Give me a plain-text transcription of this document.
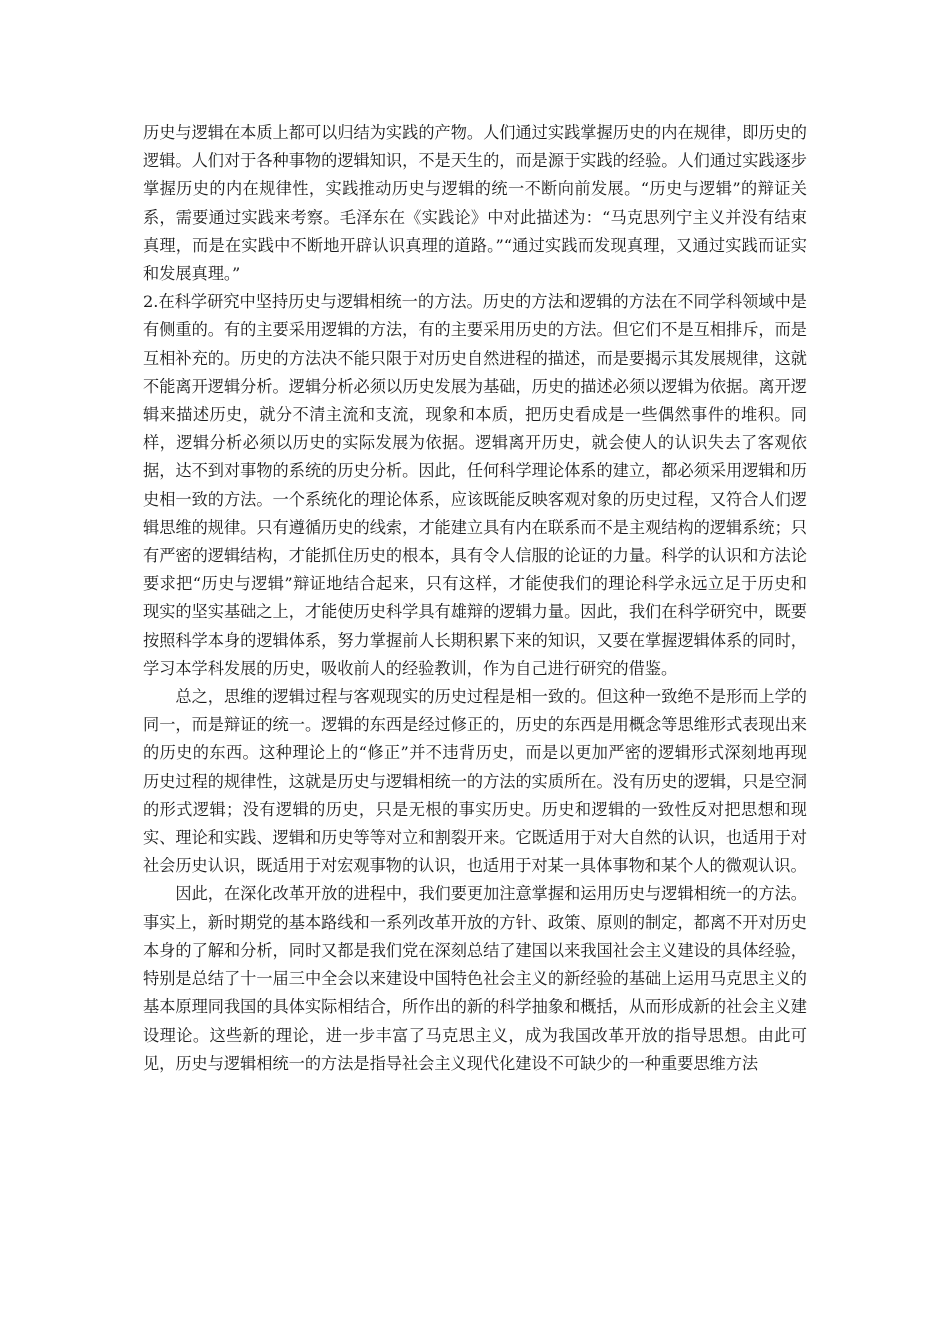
历史与逻辑在本质上都可以归结为实践的产物。人们通过实践掌握历史的内在规律，即历史的逻辑。人们对于各种事物的逻辑知识，不是天生的，而是源于实践的经验。人们通过实践逐步掌握历史的内在规律性，实践推动历史与逻辑的统一不断向前发展。“历史与逻辑”的辩证关系，需要通过实践来考察。毛泽东在《实践论》中对此描述为：“马克思列宁主义并没有结束真理，而是在实践中不断地开辟认识真理的道路。”“通过实践而发现真理，又通过实践而证实和发展真理。”

2.在科学研究中坚持历史与逻辑相统一的方法。历史的方法和逻辑的方法在不同学科领域中是有侧重的。有的主要采用逻辑的方法，有的主要采用历史的方法。但它们不是互相排斥，而是互相补充的。历史的方法决不能只限于对历史自然进程的描述，而是要揭示其发展规律，这就不能离开逻辑分析。逻辑分析必须以历史发展为基础，历史的描述必须以逻辑为依据。离开逻辑来描述历史，就分不清主流和支流，现象和本质，把历史看成是一些偶然事件的堆积。同样，逻辑分析必须以历史的实际发展为依据。逻辑离开历史，就会使人的认识失去了客观依据，达不到对事物的系统的历史分析。因此，任何科学理论体系的建立，都必须采用逻辑和历史相一致的方法。一个系统化的理论体系，应该既能反映客观对象的历史过程，又符合人们逻辑思维的规律。只有遵循历史的线索，才能建立具有内在联系而不是主观结构的逻辑系统；只有严密的逻辑结构，才能抓住历史的根本，具有令人信服的论证的力量。科学的认识和方法论要求把“历史与逻辑”辩证地结合起来，只有这样，才能使我们的理论科学永远立足于历史和现实的坚实基础之上，才能使历史科学具有雄辩的逻辑力量。因此，我们在科学研究中，既要按照科学本身的逻辑体系，努力掌握前人长期积累下来的知识，又要在掌握逻辑体系的同时，学习本学科发展的历史，吸收前人的经验教训，作为自己进行研究的借鉴。

总之，思维的逻辑过程与客观现实的历史过程是相一致的。但这种一致绝不是形而上学的同一，而是辩证的统一。逻辑的东西是经过修正的，历史的东西是用概念等思维形式表现出来的历史的东西。这种理论上的“修正”并不违背历史，而是以更加严密的逻辑形式深刻地再现历史过程的规律性，这就是历史与逻辑相统一的方法的实质所在。没有历史的逻辑，只是空洞的形式逻辑；没有逻辑的历史，只是无根的事实历史。历史和逻辑的一致性反对把思想和现实、理论和实践、逻辑和历史等等对立和割裂开来。它既适用于对大自然的认识，也适用于对社会历史认识，既适用于对宏观事物的认识，也适用于对某一具体事物和某个人的微观认识。

因此，在深化改革开放的进程中，我们要更加注意掌握和运用历史与逻辑相统一的方法。事实上，新时期党的基本路线和一系列改革开放的方针、政策、原则的制定，都离不开对历史本身的了解和分析，同时又都是我们党在深刻总结了建国以来我国社会主义建设的具体经验，特别是总结了十一届三中全会以来建设中国特色社会主义的新经验的基础上运用马克思主义的基本原理同我国的具体实际相结合，所作出的新的科学抽象和概括，从而形成新的社会主义建设理论。这些新的理论，进一步丰富了马克思主义，成为我国改革开放的指导思想。由此可见，历史与逻辑相统一的方法是指导社会主义现代化建设不可缺少的一种重要思维方法
